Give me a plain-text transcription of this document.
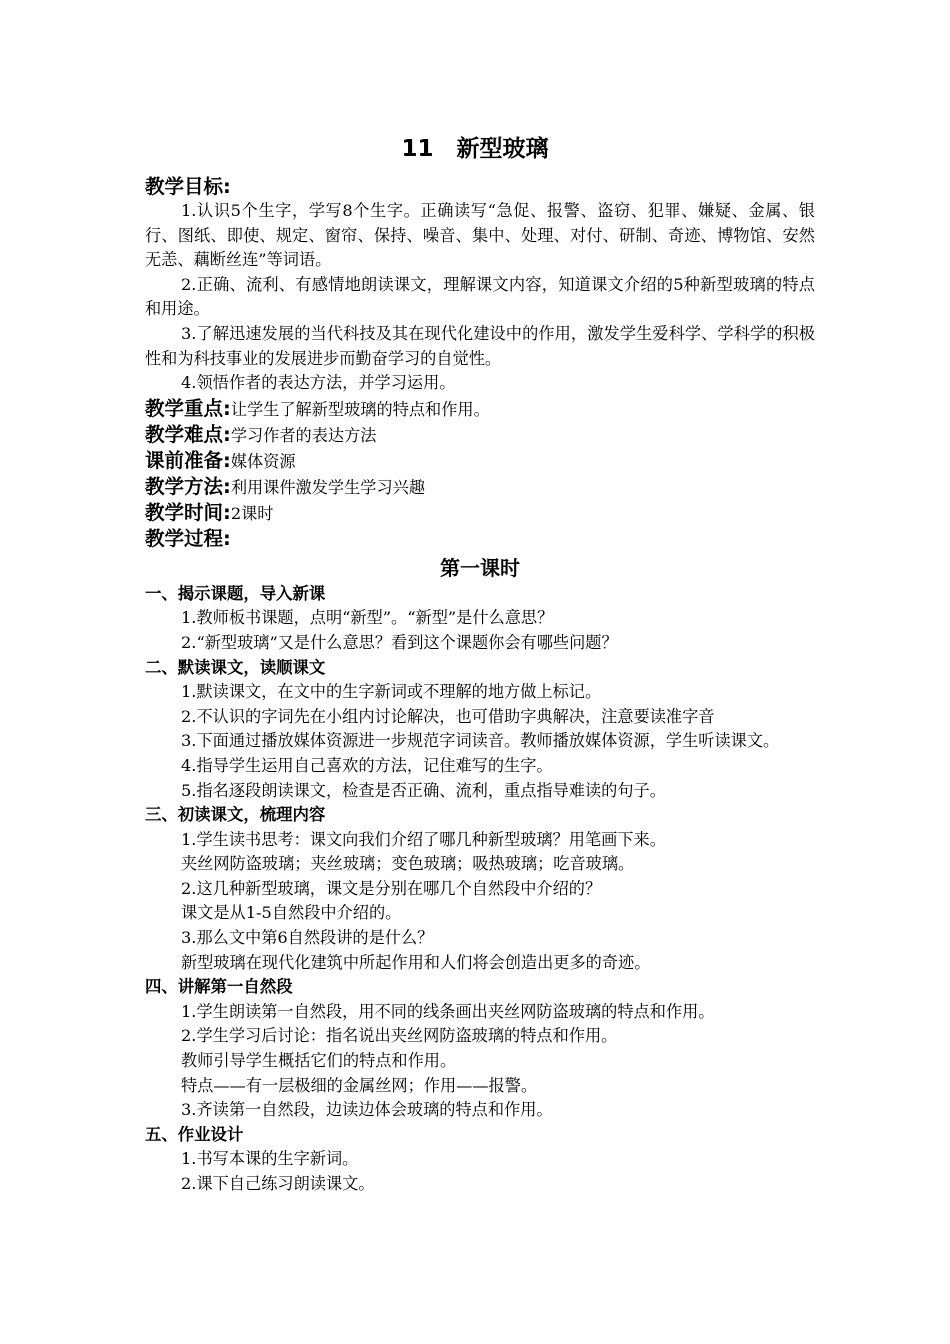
11　新型玻璃
教学目标:
1.认识5个生字，学写8个生字。正确读写“急促、报警、盗窃、犯罪、嫌疑、金属、银行、图纸、即使、规定、窗帘、保持、噪音、集中、处理、对付、研制、奇迹、博物馆、安然无恙、藕断丝连”等词语。
2.正确、流利、有感情地朗读课文，理解课文内容，知道课文介绍的5种新型玻璃的特点和用途。
3.了解迅速发展的当代科技及其在现代化建设中的作用，激发学生爱科学、学科学的积极性和为科技事业的发展进步而勤奋学习的自觉性。
4.领悟作者的表达方法，并学习运用。
教学重点:让学生了解新型玻璃的特点和作用。
教学难点:学习作者的表达方法
课前准备:媒体资源
教学方法:利用课件激发学生学习兴趣
教学时间:2课时
教学过程:
第一课时
一、揭示课题，导入新课
1.教师板书课题，点明“新型”。“新型”是什么意思？
2.“新型玻璃”又是什么意思？看到这个课题你会有哪些问题？
二、默读课文，读顺课文
1.默读课文，在文中的生字新词或不理解的地方做上标记。
2.不认识的字词先在小组内讨论解决，也可借助字典解决，注意要读准字音
3.下面通过播放媒体资源进一步规范字词读音。教师播放媒体资源，学生听读课文。
4.指导学生运用自己喜欢的方法，记住难写的生字。
5.指名逐段朗读课文，检查是否正确、流利，重点指导难读的句子。
三、初读课文，梳理内容
1.学生读书思考：课文向我们介绍了哪几种新型玻璃？用笔画下来。
夹丝网防盗玻璃；夹丝玻璃；变色玻璃；吸热玻璃；吃音玻璃。
2.这几种新型玻璃，课文是分别在哪几个自然段中介绍的？
课文是从1-5自然段中介绍的。
3.那么文中第6自然段讲的是什么？
新型玻璃在现代化建筑中所起作用和人们将会创造出更多的奇迹。
四、讲解第一自然段
1.学生朗读第一自然段，用不同的线条画出夹丝网防盗玻璃的特点和作用。
2.学生学习后讨论：指名说出夹丝网防盗玻璃的特点和作用。
教师引导学生概括它们的特点和作用。
特点——有一层极细的金属丝网；作用——报警。
3.齐读第一自然段，边读边体会玻璃的特点和作用。
五、作业设计
1.书写本课的生字新词。
2.课下自己练习朗读课文。
